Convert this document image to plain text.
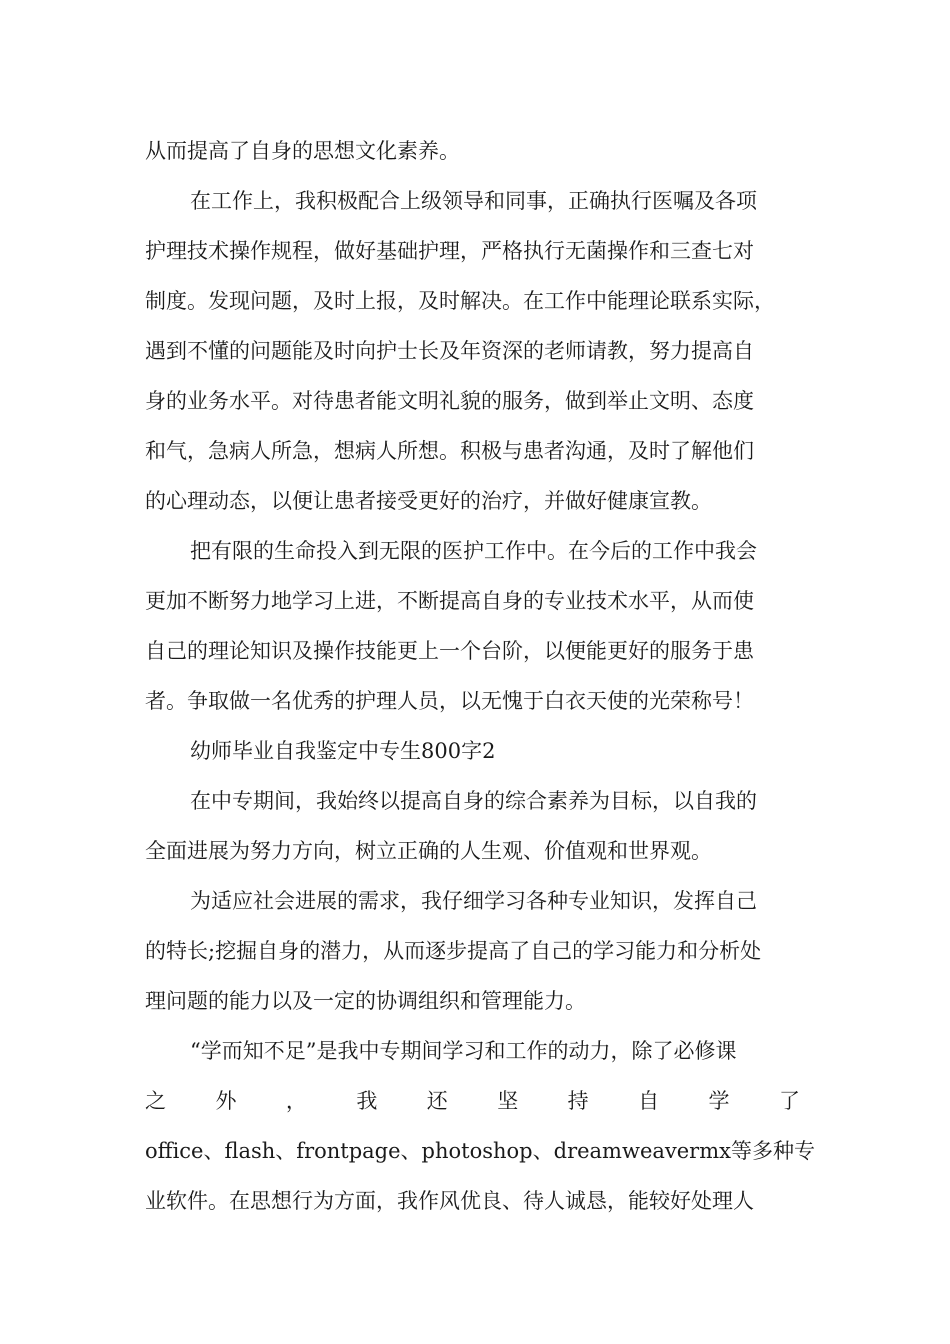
从而提高了自身的思想文化素养。
在工作上，我积极配合上级领导和同事，正确执行医嘱及各项
护理技术操作规程，做好基础护理，严格执行无菌操作和三查七对
制度。发现问题，及时上报，及时解决。在工作中能理论联系实际，
遇到不懂的问题能及时向护士长及年资深的老师请教，努力提高自
身的业务水平。对待患者能文明礼貌的服务，做到举止文明、态度
和气，急病人所急，想病人所想。积极与患者沟通，及时了解他们
的心理动态，以便让患者接受更好的治疗，并做好健康宣教。
把有限的生命投入到无限的医护工作中。在今后的工作中我会
更加不断努力地学习上进，不断提高自身的专业技术水平，从而使
自己的理论知识及操作技能更上一个台阶，以便能更好的服务于患
者。争取做一名优秀的护理人员，以无愧于白衣天使的光荣称号！
幼师毕业自我鉴定中专生800字2
在中专期间，我始终以提高自身的综合素养为目标，以自我的
全面进展为努力方向，树立正确的人生观、价值观和世界观。
为适应社会进展的需求，我仔细学习各种专业知识，发挥自己
的特长;挖掘自身的潜力，从而逐步提高了自己的学习能力和分析处
理问题的能力以及一定的协调组织和管理能力。
“学而知不足”是我中专期间学习和工作的动力，除了必修课
之 外 ， 我 还 坚 持 自 学 了
office、flash、frontpage、photoshop、dreamweavermx等多种专
业软件。在思想行为方面，我作风优良、待人诚恳，能较好处理人
